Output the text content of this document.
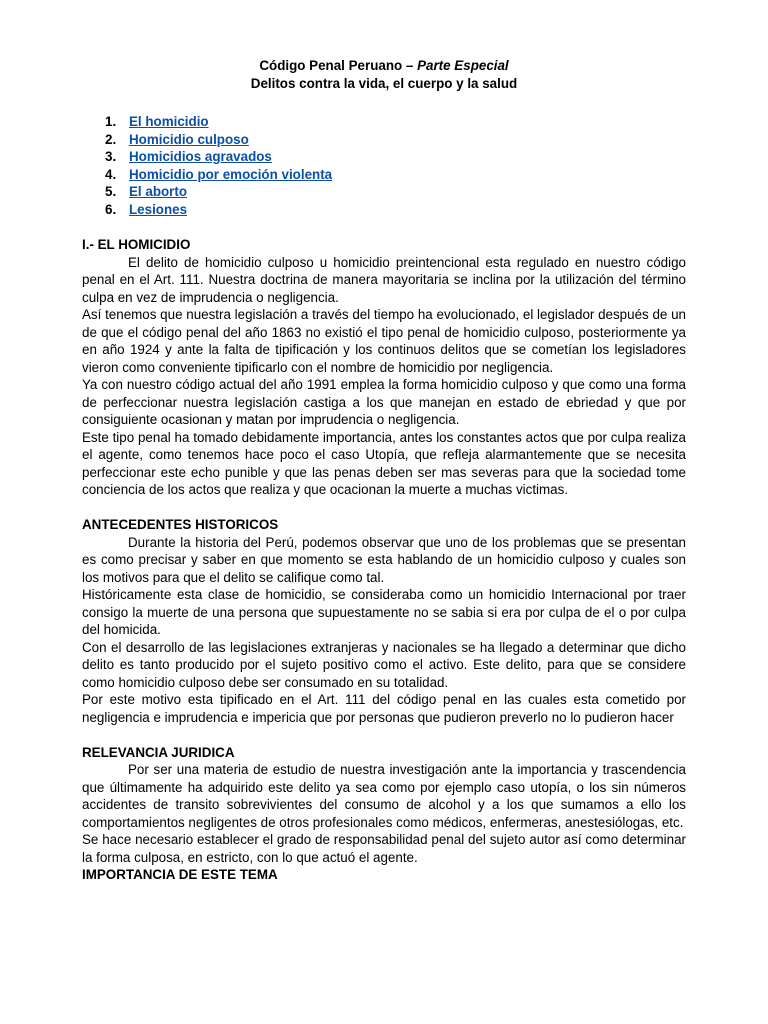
Código Penal Peruano – Parte Especial
Delitos contra la vida, el cuerpo y la salud
1. El homicidio
2. Homicidio culposo
3. Homicidios agravados
4. Homicidio por emoción violenta
5. El aborto
6. Lesiones
I.- EL HOMICIDIO

El delito de homicidio culposo u homicidio preintencional esta regulado en nuestro código penal en el Art. 111. Nuestra doctrina de manera mayoritaria se inclina por la utilización del término culpa en vez de imprudencia o negligencia.

Así tenemos que nuestra legislación a través del tiempo ha evolucionado, el legislador después de un de que el código penal del año 1863 no existió el tipo penal de homicidio culposo, posteriormente ya en año 1924 y ante la falta de tipificación y los continuos delitos que se cometían los legisladores vieron como conveniente tipificarlo con el nombre de homicidio por negligencia.

Ya con nuestro código actual del año 1991 emplea la forma homicidio culposo y que como una forma de perfeccionar nuestra legislación castiga a los que manejan en estado de ebriedad y que por consiguiente ocasionan y matan por imprudencia o negligencia.

Este tipo penal ha tomado debidamente importancia, antes los constantes actos que por culpa realiza el agente, como tenemos hace poco el caso Utopía, que refleja alarmantemente que se necesita perfeccionar este echo punible y que las penas deben ser mas severas para que la sociedad tome conciencia de los actos que realiza y que ocacionan la muerte a muchas victimas.

ANTECEDENTES HISTORICOS

Durante la historia del Perú, podemos observar que uno de los problemas que se presentan es como precisar y saber en que momento se esta hablando de un homicidio culposo y cuales son los motivos para que el delito se califique como tal.

Históricamente esta clase de homicidio, se consideraba como un homicidio Internacional por traer consigo la muerte de una persona que supuestamente no se sabia si era por culpa de el o por culpa del homicida.

Con el desarrollo de las legislaciones extranjeras y nacionales se ha llegado a determinar que dicho delito es tanto producido por el sujeto positivo como el activo. Este delito, para que se considere como homicidio culposo debe ser consumado en su totalidad.

Por este motivo esta tipificado en el Art. 111 del código penal en las cuales esta cometido por negligencia e imprudencia e impericia que por personas que pudieron preverlo no lo pudieron hacer

RELEVANCIA JURIDICA

Por ser una materia de estudio de nuestra investigación ante la importancia y trascendencia que últimamente ha adquirido este delito ya sea como por ejemplo caso utopía, o los sin números accidentes de transito sobrevivientes del consumo de alcohol y a los que sumamos a ello los comportamientos negligentes de otros profesionales como médicos, enfermeras, anestesiólogas, etc.

Se hace necesario establecer el grado de responsabilidad penal del sujeto autor así como determinar la forma culposa, en estricto, con lo que actuó el agente.

IMPORTANCIA DE ESTE TEMA
